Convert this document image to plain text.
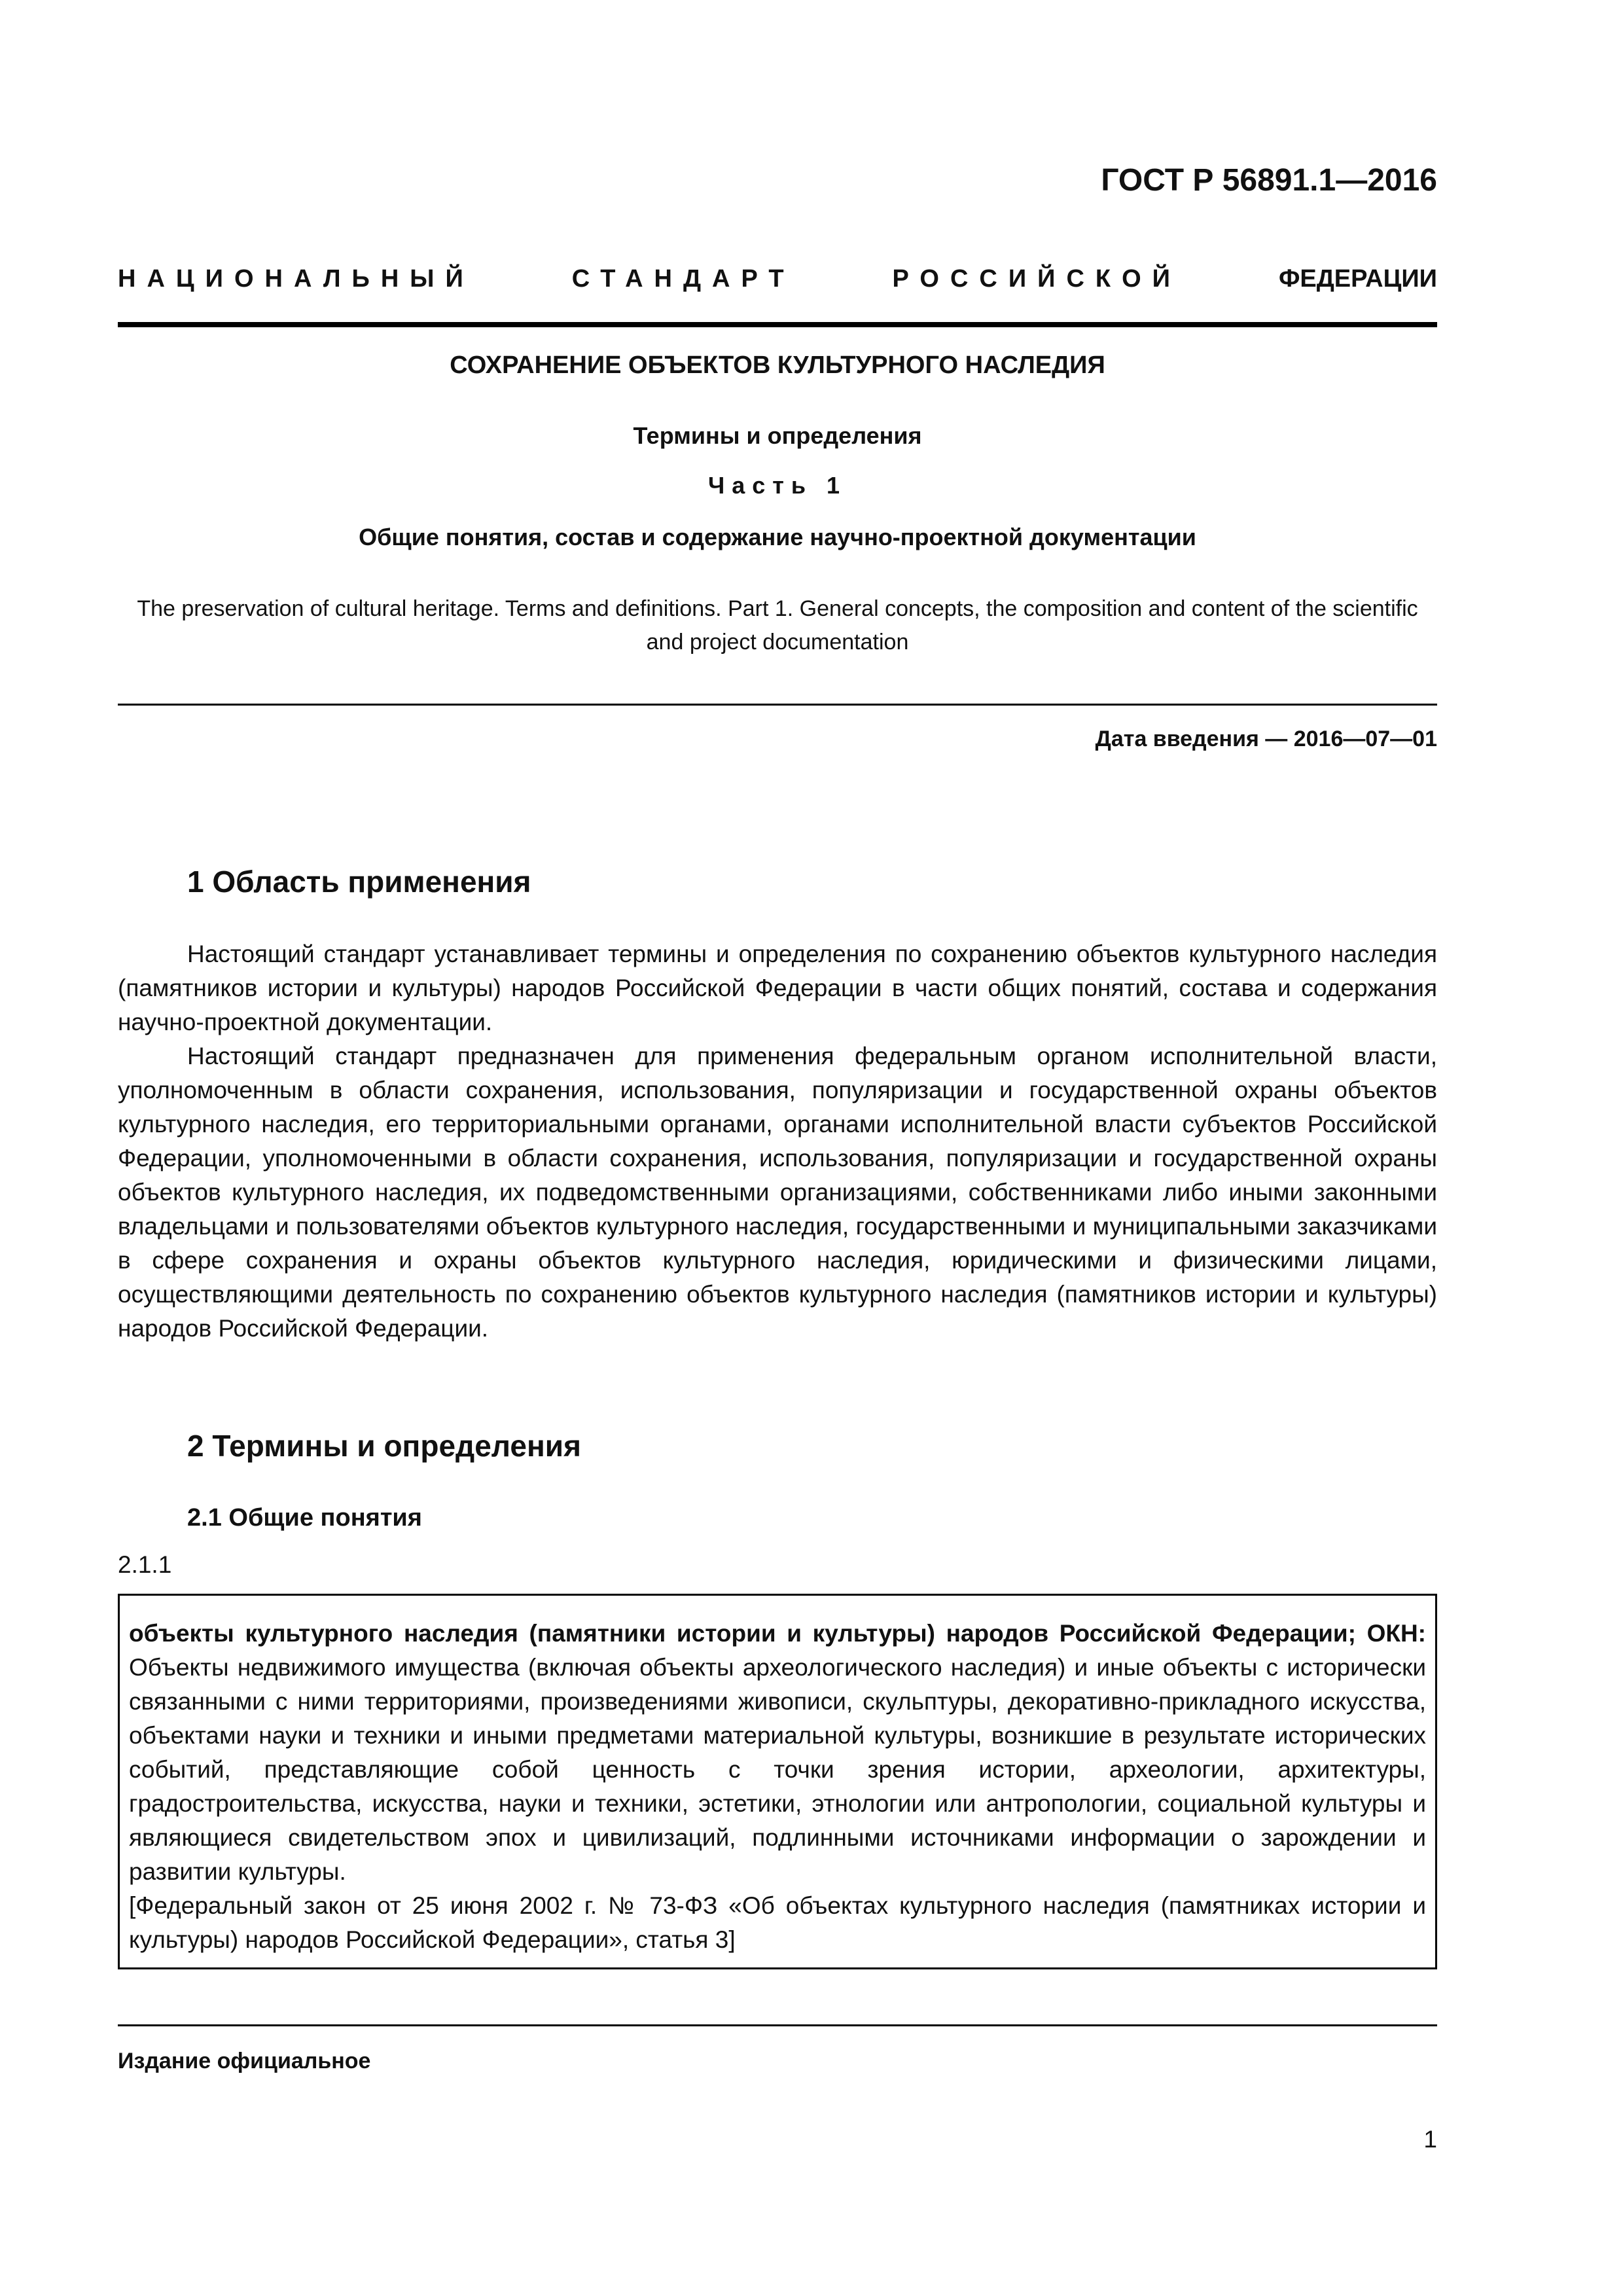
ГОСТ Р 56891.1—2016
НАЦИОНАЛЬНЫЙ	СТАНДАРТ	РОССИЙСКОЙ	ФЕДЕРАЦИИ
СОХРАНЕНИЕ ОБЪЕКТОВ КУЛЬТУРНОГО НАСЛЕДИЯ
Термины и определения
Часть 1
Общие понятия, состав и содержание научно-проектной документации
The preservation of cultural heritage. Terms and definitions. Part 1. General concepts, the composition and content of the scientific and project documentation
Дата введения — 2016—07—01
1 Область применения

Настоящий стандарт устанавливает термины и определения по сохранению объектов культурного наследия (памятников истории и культуры) народов Российской Федерации в части общих понятий, состава и содержания научно-проектной документации.

Настоящий стандарт предназначен для применения федеральным органом исполнительной власти, уполномоченным в области сохранения, использования, популяризации и государственной охраны объектов культурного наследия, его территориальными органами, органами исполнительной власти субъектов Российской Федерации, уполномоченными в области сохранения, использования, популяризации и государственной охраны объектов культурного наследия, их подведомственными организациями, собственниками либо иными законными владельцами и пользователями объектов культурного наследия, государственными и муниципальными заказчиками в сфере сохранения и охраны объектов культурного наследия, юридическими и физическими лицами, осуществляющими деятельность по сохранению объектов культурного наследия (памятников истории и культуры) народов Российской Федерации.

2 Термины и определения
2.1 Общие понятия
2.1.1

объекты культурного наследия (памятники истории и культуры) народов Российской Федерации; ОКН: Объекты недвижимого имущества (включая объекты археологического наследия) и иные объекты с исторически связанными с ними территориями, произведениями живописи, скульптуры, декоративно-прикладного искусства, объектами науки и техники и иными предметами материальной культуры, возникшие в результате исторических событий, представляющие собой ценность с точки зрения истории, археологии, архитектуры, градостроительства, искусства, науки и техники, эстетики, этнологии или антропологии, социальной культуры и являющиеся свидетельством эпох и цивилизаций, подлинными источниками информации о зарождении и развитии культуры.

[Федеральный закон от 25 июня 2002 г. № 73-ФЗ «Об объектах культурного наследия (памятниках истории и культуры) народов Российской Федерации», статья 3]

Издание официальное
1
